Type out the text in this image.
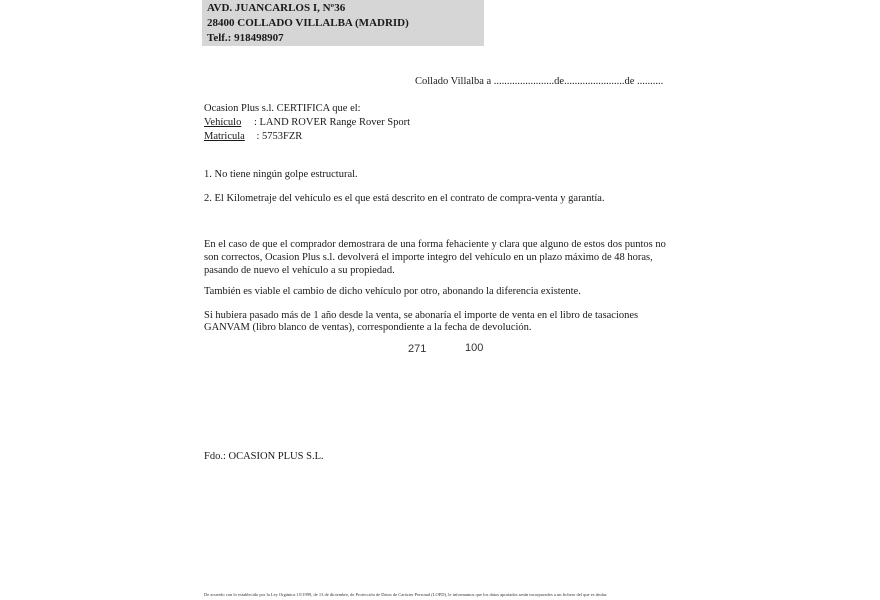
AVD. JUANCARLOS I, Nº36
28400 COLLADO VILLALBA (MADRID)
Telf.: 918498907
Collado Villalba a .......................de.......................de ..........
Ocasion Plus s.l. CERTIFICA que el:
Vehículo : LAND ROVER Range Rover Sport
Matricula : 5753FZR
1. No tiene ningún golpe estructural.
2. El Kilometraje del vehículo es el que está descrito en el contrato de compra-venta y garantía.
En el caso de que el comprador demostrara de una forma fehaciente y clara que alguno de estos dos puntos no
son correctos, Ocasion Plus s.l. devolverá el importe integro del vehículo en un plazo máximo de 48 horas,
pasando de nuevo el vehículo a su propiedad.
También es viable el cambio de dicho vehículo por otro, abonando la diferencia existente.
Si hubiera pasado más de 1 año desde la venta, se abonaría el importe de venta en el libro de tasaciones
GANVAM (libro blanco de ventas), correspondiente a la fecha de devolución.
271	100
Fdo.: OCASION PLUS S.L.
De acuerdo con lo establecido por la Ley Orgánica 15/1999, de 13 de diciembre, de Protección de Datos de Carácter Personal (LOPD), le informamos que los datos aportados serán incorporados a un fichero del que es titular.
